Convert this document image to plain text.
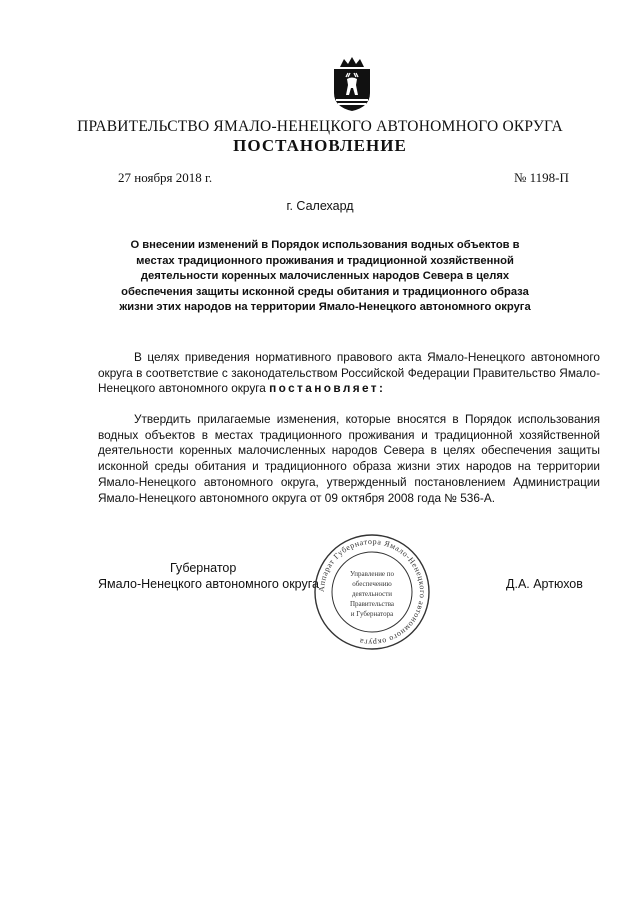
ПРАВИТЕЛЬСТВО ЯМАЛО-НЕНЕЦКОГО АВТОНОМНОГО ОКРУГА
ПОСТАНОВЛЕНИЕ
27 ноября 2018 г.	№ 1198-П
г. Салехард
О внесении изменений в Порядок использования водных объектов в местах традиционного проживания и традиционной хозяйственной деятельности коренных малочисленных народов Севера в целях обеспечения защиты исконной среды обитания и традиционного образа жизни этих народов на территории Ямало-Ненецкого автономного округа
В целях приведения нормативного правового акта Ямало-Ненецкого автономного округа в соответствие с законодательством Российской Федерации Правительство Ямало-Ненецкого автономного округа постановляет:
Утвердить прилагаемые изменения, которые вносятся в Порядок использования водных объектов в местах традиционного проживания и традиционной хозяйственной деятельности коренных малочисленных народов Севера в целях обеспечения защиты исконной среды обитания и традиционного образа жизни этих народов на территории Ямало-Ненецкого автономного округа, утвержденный постановлением Администрации Ямало-Ненецкого автономного округа от 09 октября 2008 года № 536-А.
Губернатор
Ямало-Ненецкого автономного округа	Д.А. Артюхов
Аппарат Губернатора Ямало-Ненецкого автономного округа
Управление по
обеспечению
деятельности
Правительства
и Губернатора
